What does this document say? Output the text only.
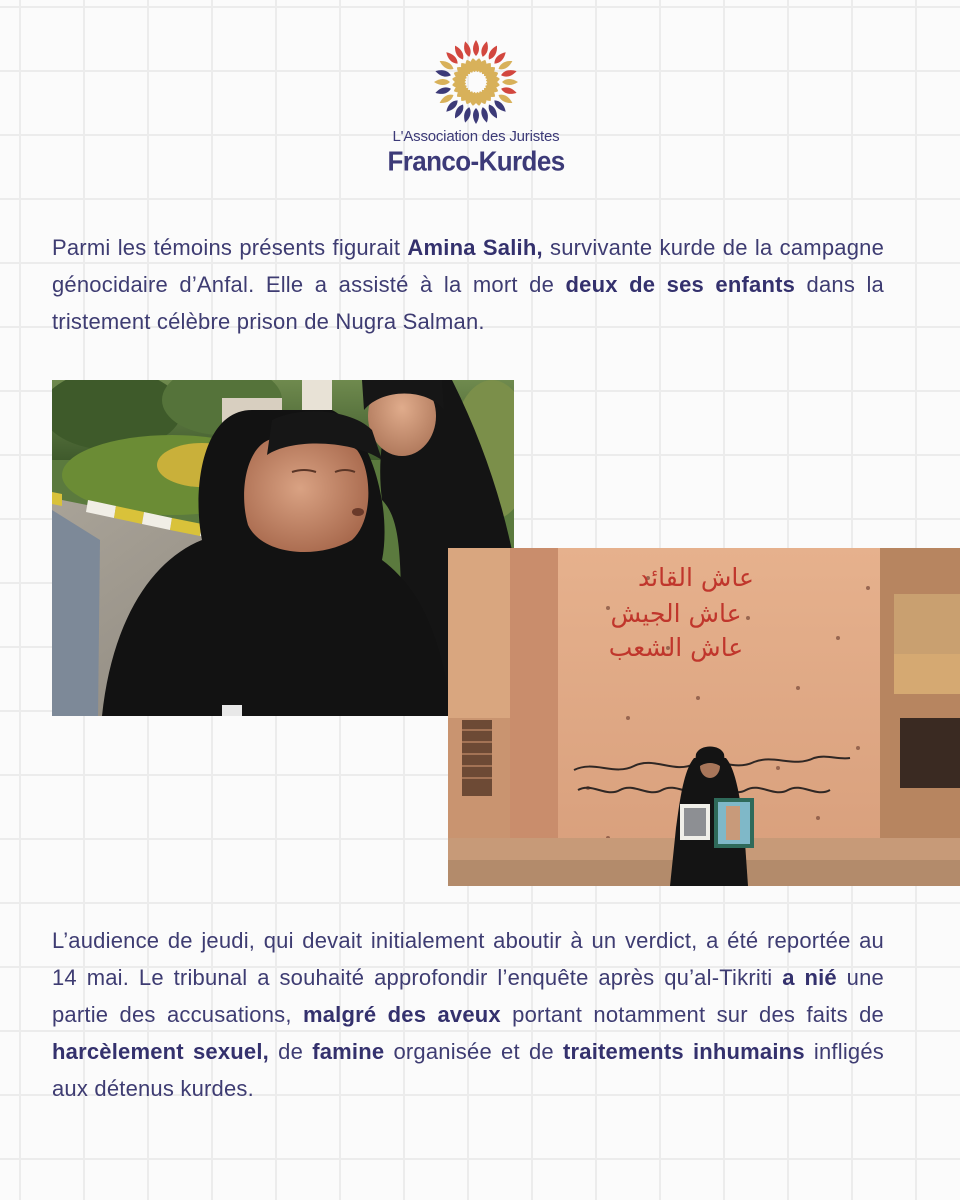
L'Association des Juristes
Franco-Kurdes
Parmi les témoins présents figurait Amina Salih, survivante kurde de la campagne génocidaire d’Anfal. Elle a assisté à la mort de deux de ses enfants dans la tristement célèbre prison de Nugra Salman.
عاش القائد
عاش الجيش
عاش الشعب
L’audience de jeudi, qui devait initialement aboutir à un verdict, a été reportée au 14 mai. Le tribunal a souhaité approfondir l’enquête après qu’al-Tikriti a nié une partie des accusations, malgré des aveux portant notamment sur des faits de harcèlement sexuel, de famine organisée et de traitements inhumains infligés aux détenus kurdes.
